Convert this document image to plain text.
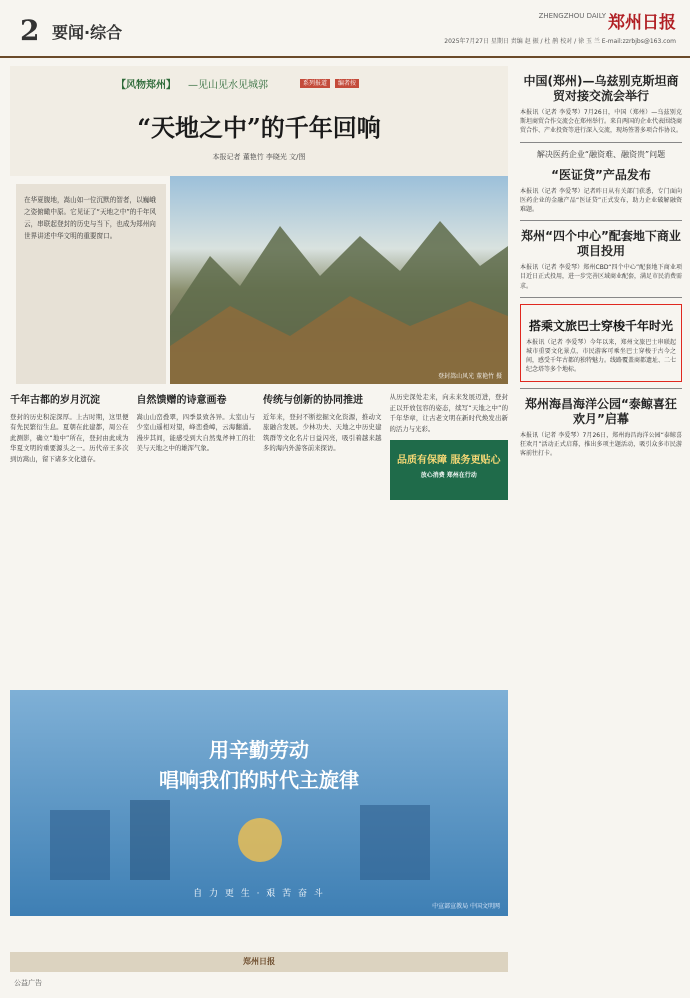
2 要闻·综合
ZHENGZHOU DAILY 郑州日报
2025年7月27日 星期日 责编 赵 振 / 杜 鹃 校对 / 徐 玉 兰 E-mail:zzrbjbs@163.com
【风物郑州】 —见山见水见城郭	系列报道 编者按
“天地之中”的千年回响
本报记者 董艳竹 李晓光 文/图
在华夏腹地，嵩山如一位沉默的智者，以巍峨之姿俯瞰中原。它见证了“天地之中”的千年风云，串联起登封的历史与当下，也成为郑州向世界讲述中华文明的重要窗口。
登封嵩山风光 董艳竹 摄
千年古都的岁月沉淀

登封的历史积淀深厚。上古时期，这里便有先民繁衍生息。夏朝在此建都，周公在此测影，确立“地中”所在，登封由此成为华夏文明的重要源头之一。历代帝王多次到访嵩山，留下诸多文化遗存。

自然馈赠的诗意画卷

嵩山山峦叠翠，四季景致各异。太室山与少室山遥相对望，峰峦叠嶂，云海翻涌。漫步其间，能感受到大自然鬼斧神工的壮美与天地之中的雄浑气象。

传统与创新的协同推进

近年来，登封不断挖掘文化资源，推动文旅融合发展。少林功夫、天地之中历史建筑群等文化名片日益闪亮，吸引着越来越多的海内外游客前来探访。

从历史深处走来，向未来发展迈进，登封正以开放包容的姿态，续写“天地之中”的千年华章，让古老文明在新时代焕发出新的活力与光彩。

品质有保障 服务更贴心
放心消费 郑州在行动
用辛勤劳动
唱响我们的时代主旋律
自 力 更 生 · 艰 苦 奋 斗
中宣部宣教局 中国文明网
中国(郑州)—乌兹别克斯坦商贸对接交流会举行

本报讯（记者 李爱琴）7月26日，中国（郑州）—乌兹别克斯坦商贸合作交流会在郑州举行。来自两国的企业代表围绕商贸合作、产业投资等进行深入交流，现场签署多项合作协议。

解决医药企业“融资难、融资贵”问题
“医证贷”产品发布

本报讯（记者 李爱琴）记者昨日从有关部门获悉，专门面向医药企业的金融产品“医证贷”正式发布，助力企业破解融资难题。

郑州“四个中心”配套地下商业项目投用

本报讯（记者 李爱琴）郑州CBD“四个中心”配套地下商业项目近日正式投用，进一步完善区域商业配套，满足市民消费需求。

搭乘文旅巴士穿梭千年时光

本报讯（记者 李爱琴）今年以来，郑州文旅巴士串联起城市重要文化景点，市民游客可乘坐巴士穿梭于古今之间，感受千年古都的独特魅力。线路覆盖商都遗址、二七纪念塔等多个地标。

郑州海昌海洋公园“泰鲸喜狂欢月”启幕

本报讯（记者 李爱琴）7月26日，郑州海昌海洋公园“泰鲸喜狂欢月”活动正式启幕，推出多项主题活动，吸引众多市民游客前往打卡。

郑州日报
公益广告
